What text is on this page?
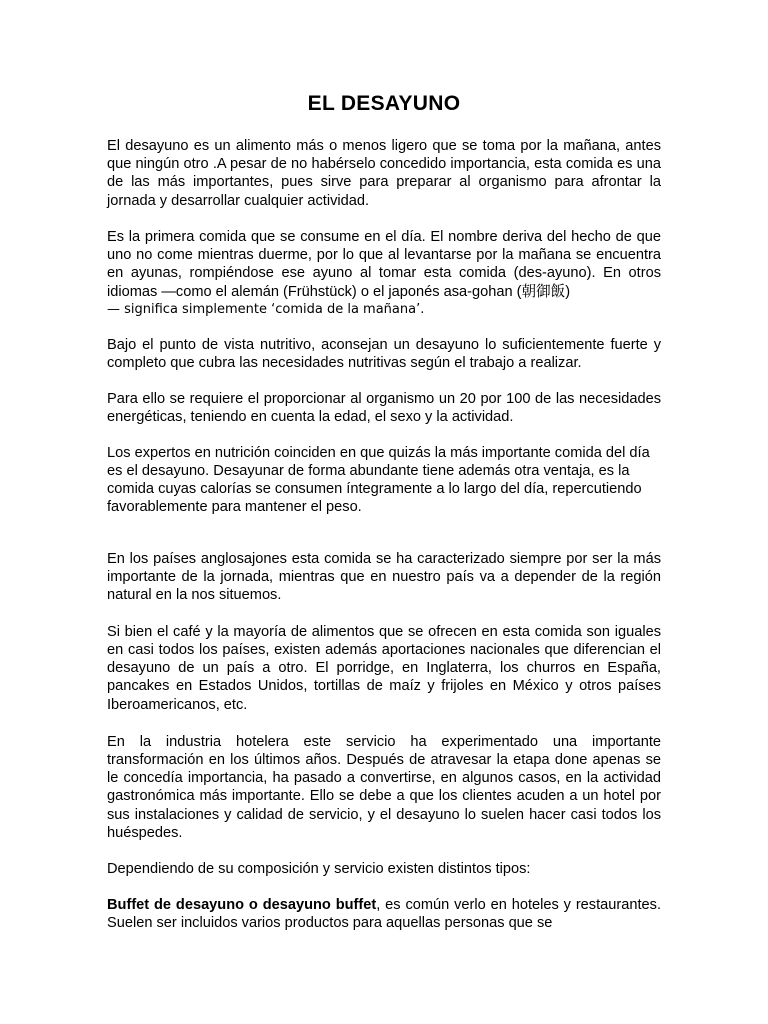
EL DESAYUNO

El desayuno es un alimento más o menos ligero que se toma por la mañana, antes que ningún otro .A pesar de no habérselo concedido importancia, esta comida es una de las más importantes, pues sirve para preparar al organismo para afrontar la jornada y desarrollar cualquier actividad.

Es la primera comida que se consume en el día. El nombre deriva del hecho de que uno no come mientras duerme, por lo que al levantarse por la mañana se encuentra en ayunas, rompiéndose ese ayuno al tomar esta comida (des-ayuno). En otros idiomas —como el alemán (Frühstück) o el japonés asa-gohan (朝御飯)

— significa simplemente ‘comida de la mañana’.

Bajo el punto de vista nutritivo, aconsejan un desayuno lo suficientemente fuerte y completo que cubra las necesidades nutritivas según el trabajo a realizar.

Para ello se requiere el proporcionar al organismo un 20 por 100 de las necesidades energéticas, teniendo en cuenta la edad, el sexo y la actividad.

Los expertos en nutrición coinciden en que quizás la más importante comida del día es el desayuno. Desayunar de forma abundante tiene además otra ventaja, es la comida cuyas calorías se consumen íntegramente a lo largo del día, repercutiendo favorablemente para mantener el peso.

En los países anglosajones esta comida se ha caracterizado siempre por ser la más importante de la jornada, mientras que en nuestro país va a depender de la región natural en la nos situemos.

Si bien el café y la mayoría de alimentos que se ofrecen en esta comida son iguales en casi todos los países, existen además aportaciones nacionales que diferencian el desayuno de un país a otro. El porridge, en Inglaterra, los churros en España, pancakes en Estados Unidos, tortillas de maíz y frijoles en México y otros países Iberoamericanos, etc.

En la industria hotelera este servicio ha experimentado una importante transformación en los últimos años. Después de atravesar la etapa done apenas se le concedía importancia, ha pasado a convertirse, en algunos casos, en la actividad gastronómica más importante. Ello se debe a que los clientes acuden a un hotel por sus instalaciones y calidad de servicio, y el desayuno lo suelen hacer casi todos los huéspedes.

Dependiendo de su composición y servicio existen distintos tipos:

Buffet de desayuno o desayuno buffet, es común verlo en hoteles y restaurantes. Suelen ser incluidos varios productos para aquellas personas que se
